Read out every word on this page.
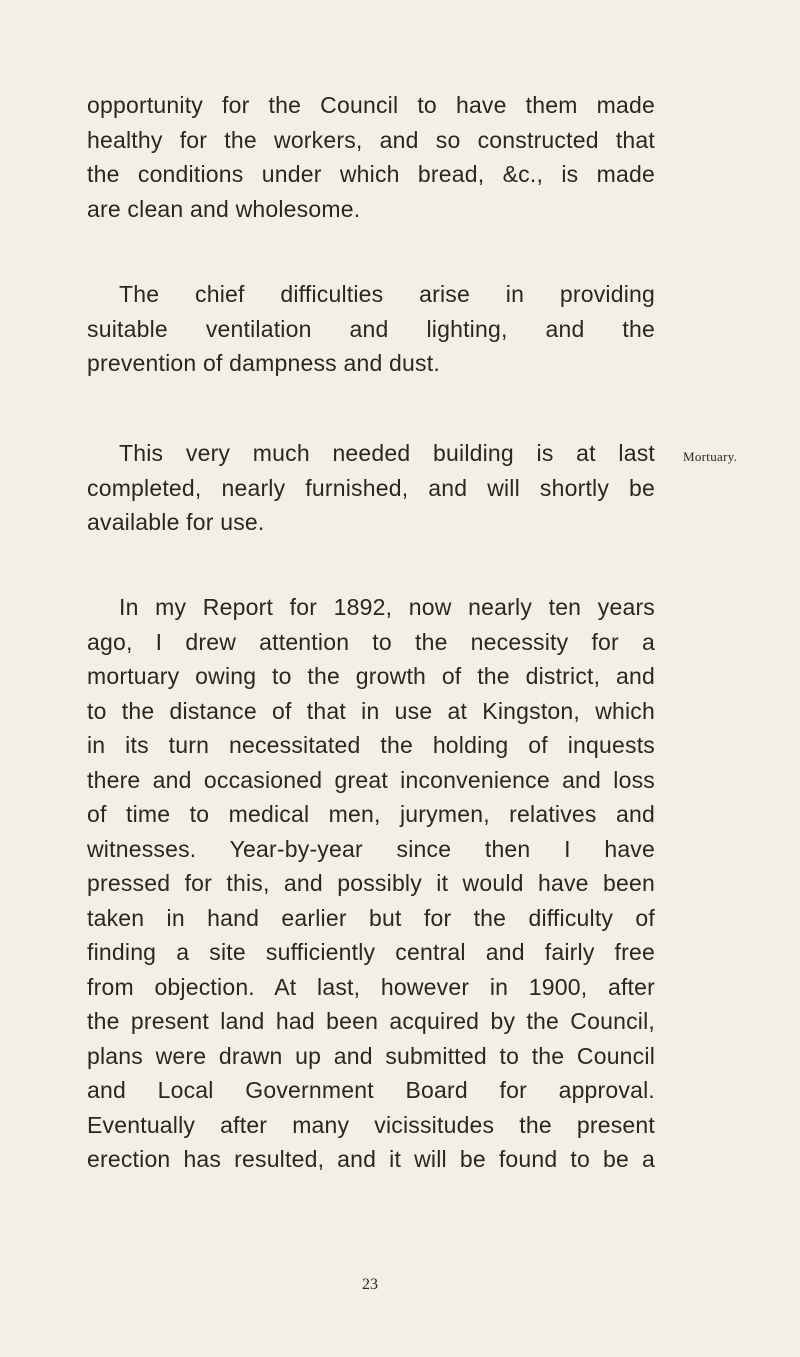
opportunity for the Council to have them made
healthy for the workers, and so constructed that
the conditions under which bread, &c., is made
are clean and wholesome.

The chief difficulties arise in providing
suitable ventilation and lighting, and the
prevention of dampness and dust.

Mortuary.

This very much needed building is at last
completed, nearly furnished, and will shortly be
available for use.

In my Report for 1892, now nearly ten years
ago, I drew attention to the necessity for a
mortuary owing to the growth of the district, and
to the distance of that in use at Kingston, which
in its turn necessitated the holding of inquests
there and occasioned great inconvenience and loss
of time to medical men, jurymen, relatives and
witnesses. Year-by-year since then I have
pressed for this, and possibly it would have been
taken in hand earlier but for the difficulty of
finding a site sufficiently central and fairly free
from objection. At last, however in 1900, after
the present land had been acquired by the Council,
plans were drawn up and submitted to the Council
and Local Government Board for approval.
Eventually after many vicissitudes the present
erection has resulted, and it will be found to be a

23
